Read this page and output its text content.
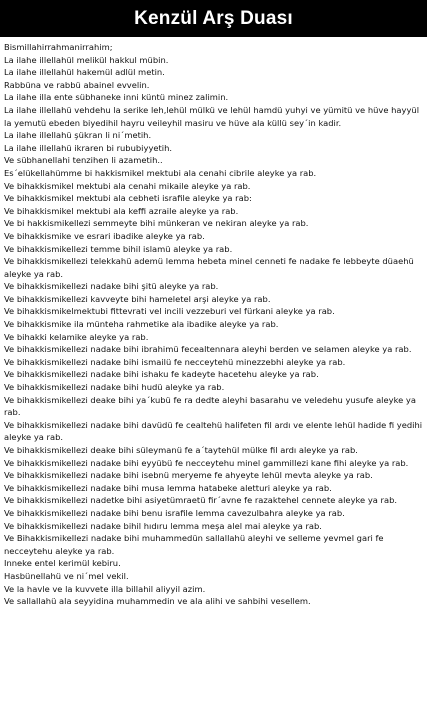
Kenzül Arş Duası

Bismillahirrahmanirrahim;

La ilahe illellahül melikül hakkul mübin.

La ilahe illellahül hakemül adlül metin.

Rabbüna ve rabbü abainel evvelin.

La ilahe illa ente sübhaneke inni küntü minez zalimin.

La ilahe illellahü vehdehu la serike leh,lehül mülkü ve lehül hamdü yuhyi ve yümitü ve hüve hayyül la yemutü ebeden biyedihil hayru veileyhil masiru ve hüve ala küllü sey´in kadir.

La ilahe illellahü şükran li ni´metih.

La ilahe illellahü ikraren bi rububiyyetih.

Ve sübhanellahi tenzihen li azametih..

Es´elükellahümme bi hakkismikel mektubi ala cenahi cibrile aleyke ya rab.

Ve bihakkismikel mektubi ala cenahi mikaile aleyke ya rab.

Ve bihakkismikel mektubi ala cebheti israfile aleyke ya rab:

Ve bihakkismikel mektubi ala keffi azraile aleyke ya rab.

Ve bi hakkismikellezi semmeyte bihi münkeran ve nekiran aleyke ya rab.

Ve bihakkismike ve esrari ibadike aleyke ya rab.

Ve bihakkismikellezi temme bihil islamü aleyke ya rab.

Ve bihakkismikellezi telekkahü ademü lemma hebeta minel cenneti fe nadake fe lebbeyte düaehü aleyke ya rab.

Ve bihakkismikellezi nadake bihi şitü aleyke ya rab.

Ve bihakkismikellezi kavveyte bihi hameletel arşi aleyke ya rab.

Ve bihakkismikelmektubi fittevrati vel incili vezzeburi vel fürkani aleyke ya rab.

Ve bihakkismike ila münteha rahmetike ala ibadike aleyke ya rab.

Ve bihakki kelamike aleyke ya rab.

Ve bihakkismikellezi nadake bihi ibrahimü fecealtennara aleyhi berden ve selamen aleyke ya rab.

Ve bihakkismikellezi nadake bihi ismailü fe necceytehü minezzebhi aleyke ya rab.

Ve bihakkismikellezi nadake bihi ishaku fe kadeyte hacetehu aleyke ya rab.

Ve bihakkismikellezi nadake bihi hudü aleyke ya rab.

Ve bihakkismikellezi deake bihi ya´kubü fe ra dedte aleyhi basarahu ve veledehu yusufe aleyke ya rab.

Ve bihakkismikellezi nadake bihi davüdü fe cealtehü halifeten fil ardı ve elente lehül hadide fi yedihi aleyke ya rab.

Ve bihakkismikellezi deake bihi süleymanü fe a´taytehül mülke fil ardı aleyke ya rab.

Ve bihakkismikellezi nadake bihi eyyübü fe necceytehu minel gammillezi kane fihi aleyke ya rab.

Ve bihakkismikellezi nadake bihi isebnü meryeme fe ahyeyte lehül mevta aleyke ya rab.

Ve bihakkismikellezi nadake bihi musa lemma hatabeke aletturi aleyke ya rab.

Ve bihakkismikellezi nadetke bihi asiyetümraetü fir´avne fe razaktehel cennete aleyke ya rab.

Ve bihakkismikellezi nadake bihi benu israfile lemma cavezulbahra aleyke ya rab.

Ve bihakkismikellezi nadake bihil hıdıru lemma meşa alel mai aleyke ya rab.

Ve Bihakkismikellezi nadake bihi muhammedün sallallahü aleyhi ve selleme yevmel gari fe necceytehu aleyke ya rab.

Inneke entel kerimül kebiru.

Hasbünellahü ve ni´mel vekil.

Ve la havle ve la kuvvete illa billahil aliyyil azim.

Ve sallallahü ala seyyidina muhammedin ve ala alihi ve sahbihi vesellem.
